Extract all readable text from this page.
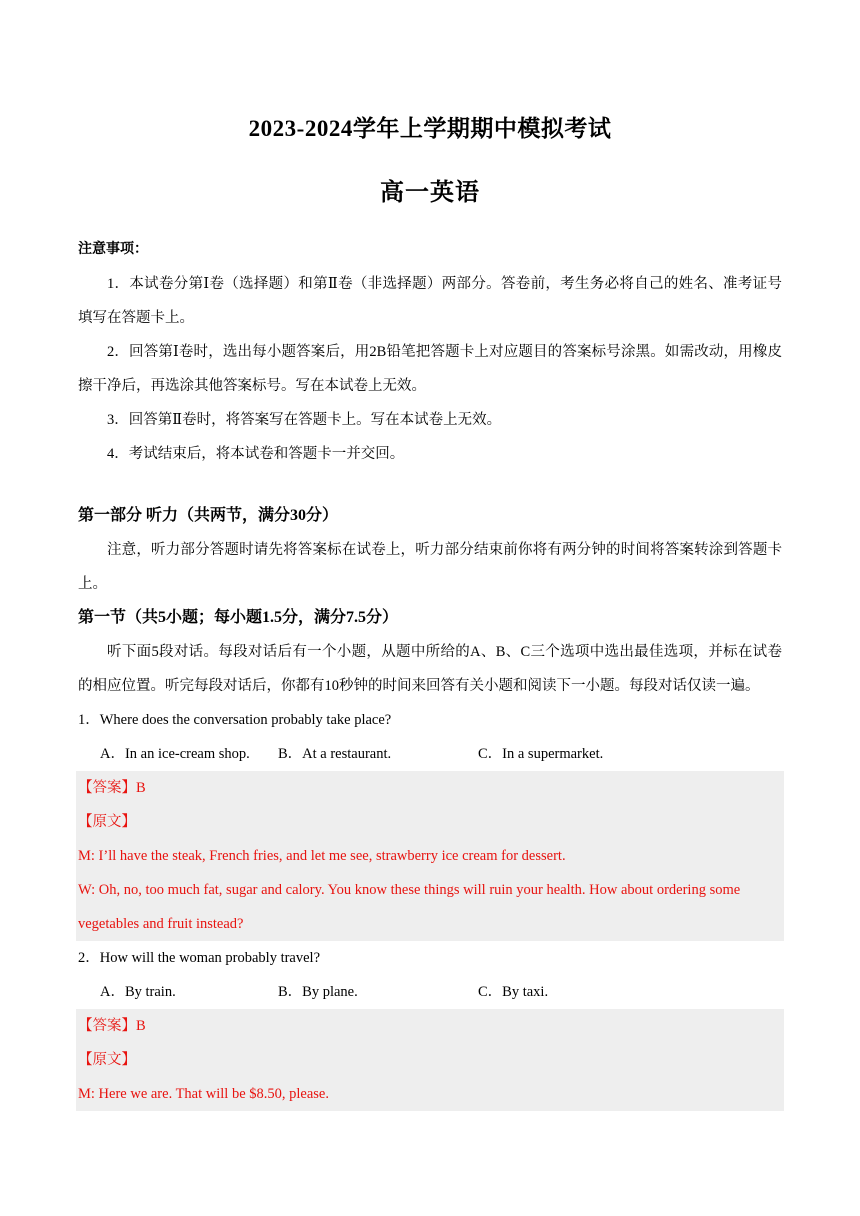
2023-2024学年上学期期中模拟考试
高一英语
注意事项：
1．本试卷分第Ⅰ卷（选择题）和第Ⅱ卷（非选择题）两部分。答卷前，考生务必将自己的姓名、准考证号填写在答题卡上。
2．回答第Ⅰ卷时，选出每小题答案后，用2B铅笔把答题卡上对应题目的答案标号涂黑。如需改动，用橡皮擦干净后，再选涂其他答案标号。写在本试卷上无效。
3．回答第Ⅱ卷时，将答案写在答题卡上。写在本试卷上无效。
4．考试结束后，将本试卷和答题卡一并交回。
第一部分 听力（共两节，满分30分）
注意，听力部分答题时请先将答案标在试卷上，听力部分结束前你将有两分钟的时间将答案转涂到答题卡上。
第一节（共5小题；每小题1.5分，满分7.5分）
听下面5段对话。每段对话后有一个小题，从题中所给的A、B、C三个选项中选出最佳选项，并标在试卷的相应位置。听完每段对话后，你都有10秒钟的时间来回答有关小题和阅读下一小题。每段对话仅读一遍。
1．Where does the conversation probably take place?
A．In an ice-cream shop.	B．At a restaurant.	C．In a supermarket.
【答案】B
【原文】
M: I’ll have the steak, French fries, and let me see, strawberry ice cream for dessert.
W: Oh, no, too much fat, sugar and calory. You know these things will ruin your health. How about ordering some vegetables and fruit instead?
2．How will the woman probably travel?
A．By train.	B．By plane.	C．By taxi.
【答案】B
【原文】
M: Here we are. That will be $8.50, please.
